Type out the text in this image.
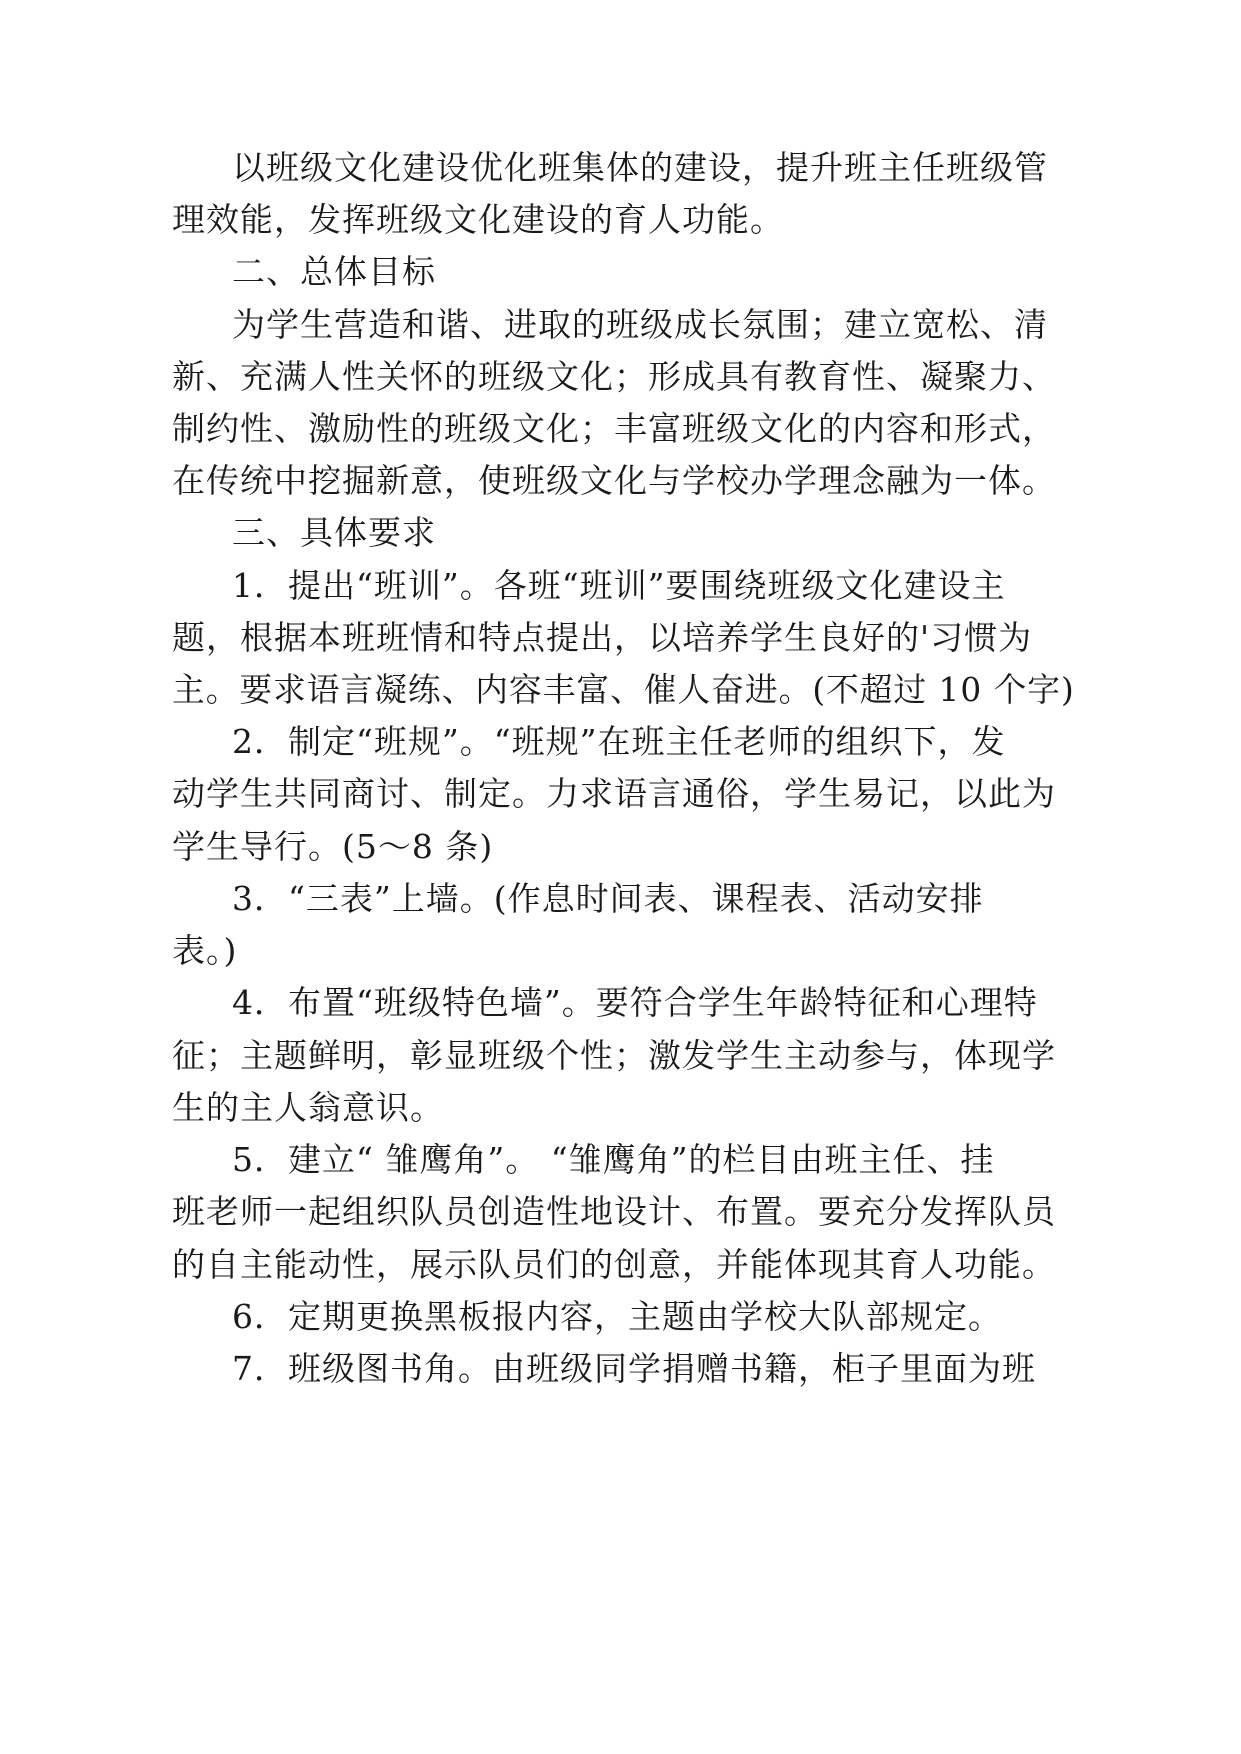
以班级文化建设优化班集体的建设，提升班主任班级管
理效能，发挥班级文化建设的育人功能。
二、总体目标
为学生营造和谐、进取的班级成长氛围；建立宽松、清
新、充满人性关怀的班级文化；形成具有教育性、凝聚力、
制约性、激励性的班级文化；丰富班级文化的内容和形式，
在传统中挖掘新意，使班级文化与学校办学理念融为一体。
三、具体要求
1．提出“班训”。各班“班训”要围绕班级文化建设主
题，根据本班班情和特点提出，以培养学生良好的'习惯为
主。要求语言凝练、内容丰富、催人奋进。(不超过 10 个字)
2．制定“班规”。“班规”在班主任老师的组织下，发
动学生共同商讨、制定。力求语言通俗，学生易记，以此为
学生导行。(5～8 条)
3．“三表”上墙。(作息时间表、课程表、活动安排
表。)
4．布置“班级特色墙”。要符合学生年龄特征和心理特
征；主题鲜明，彰显班级个性；激发学生主动参与，体现学
生的主人翁意识。
5．建立“ 雏鹰角”。 “雏鹰角”的栏目由班主任、挂
班老师一起组织队员创造性地设计、布置。要充分发挥队员
的自主能动性，展示队员们的创意，并能体现其育人功能。
6．定期更换黑板报内容，主题由学校大队部规定。
7．班级图书角。由班级同学捐赠书籍，柜子里面为班
